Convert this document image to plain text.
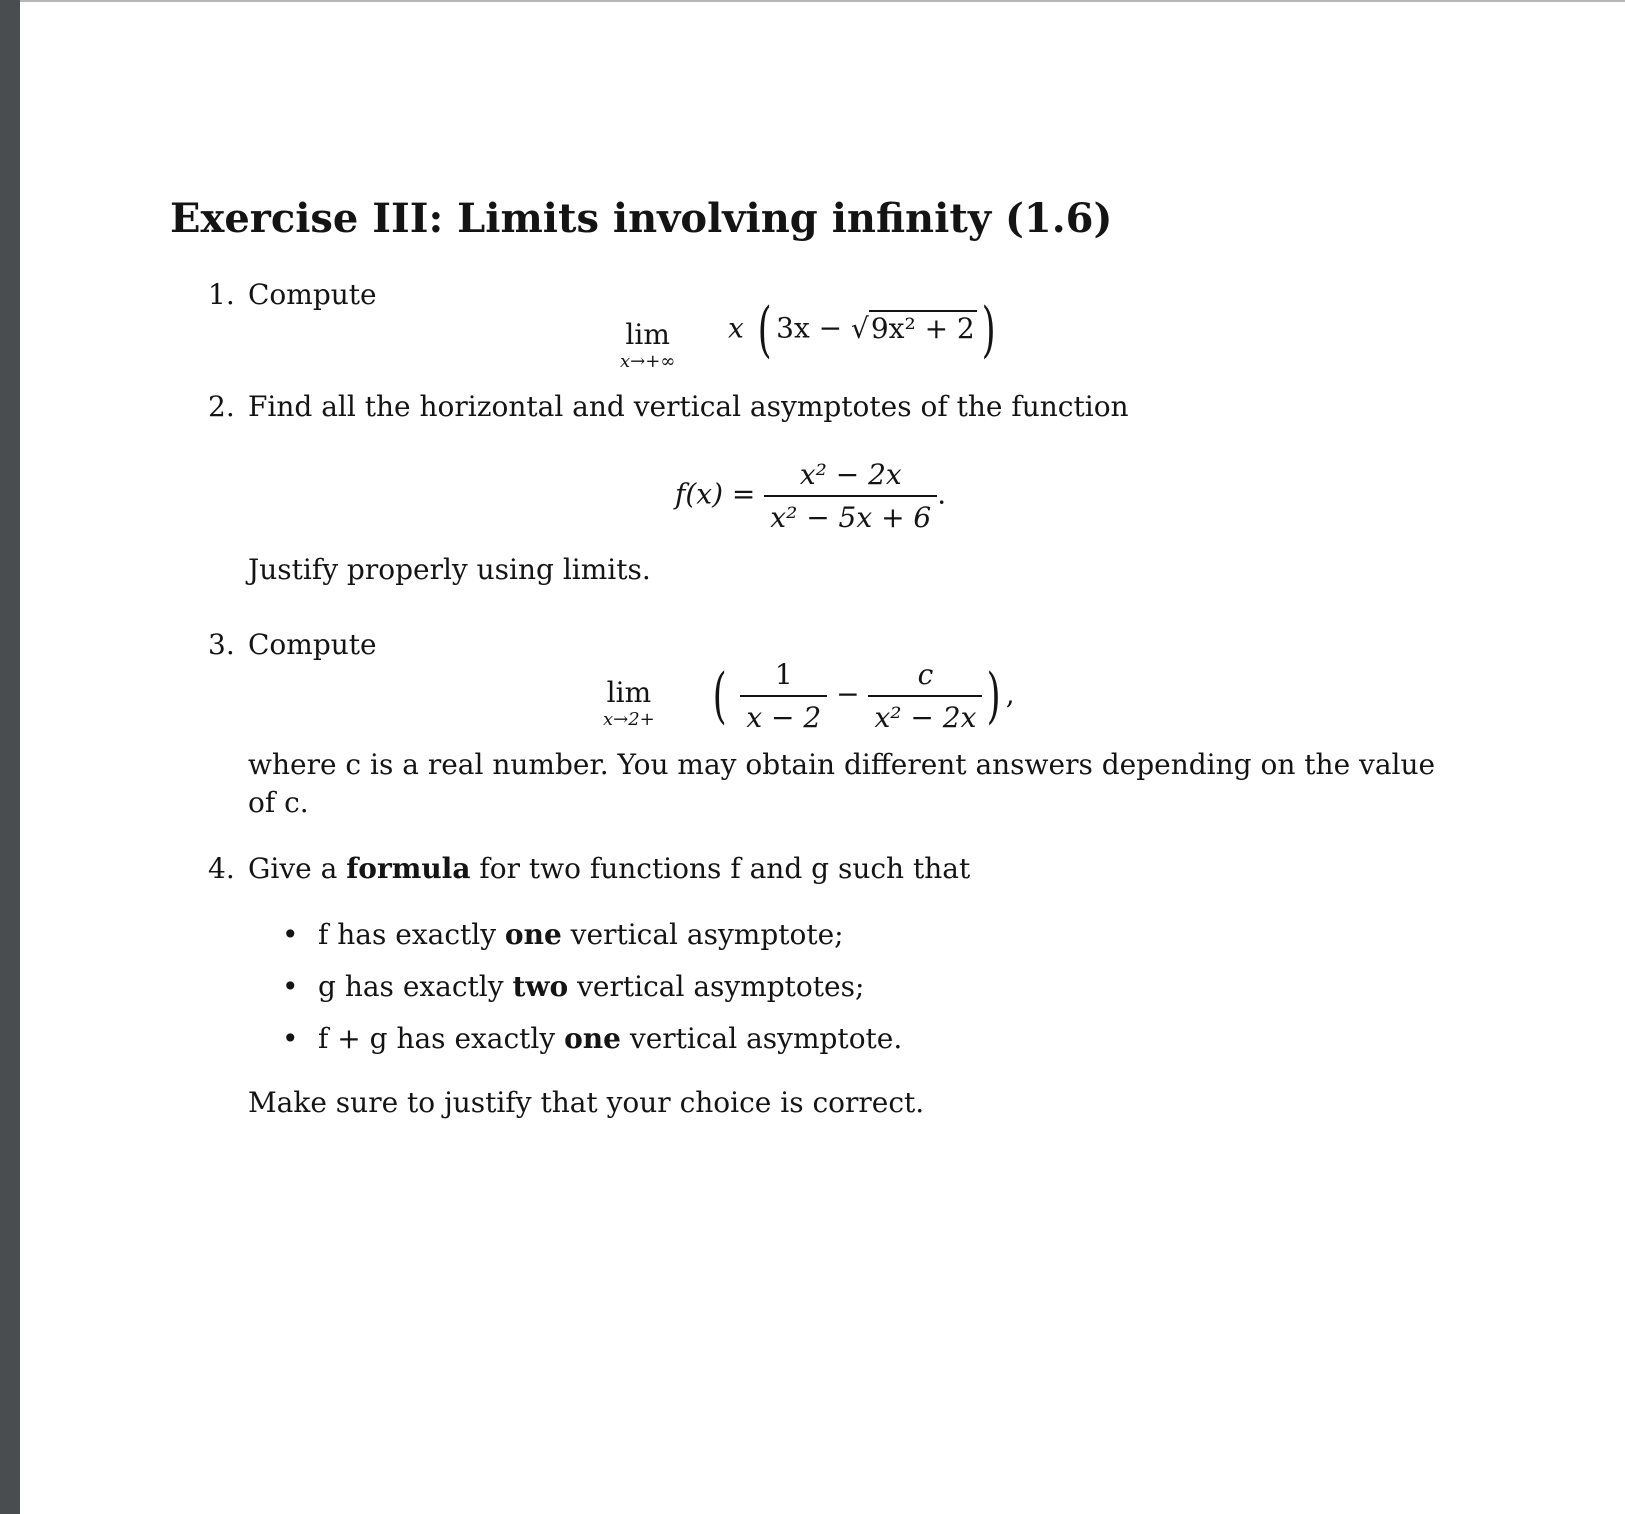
Exercise III: Limits involving infinity (1.6)
1. Compute
lim
x→+∞
x ( 3x − √9x² + 2 )
2. Find all the horizontal and vertical asymptotes of the function
$f(x) = \frac{\text{x² − 2x}}{\text{x² − 5x + 6}}$ .
Justify properly using limits.
3. Compute
lim
x→2+ ( $\frac{1}{x - 2} - \frac{c}{\text{x² − 2x}}$ ) ,
where c is a real number. You may obtain different answers depending on the value
of c.
4. Give a formula for two functions f and g such that
• f has exactly one vertical asymptote;
• g has exactly two vertical asymptotes;
• f + g has exactly one vertical asymptote.
Make sure to justify that your choice is correct.
